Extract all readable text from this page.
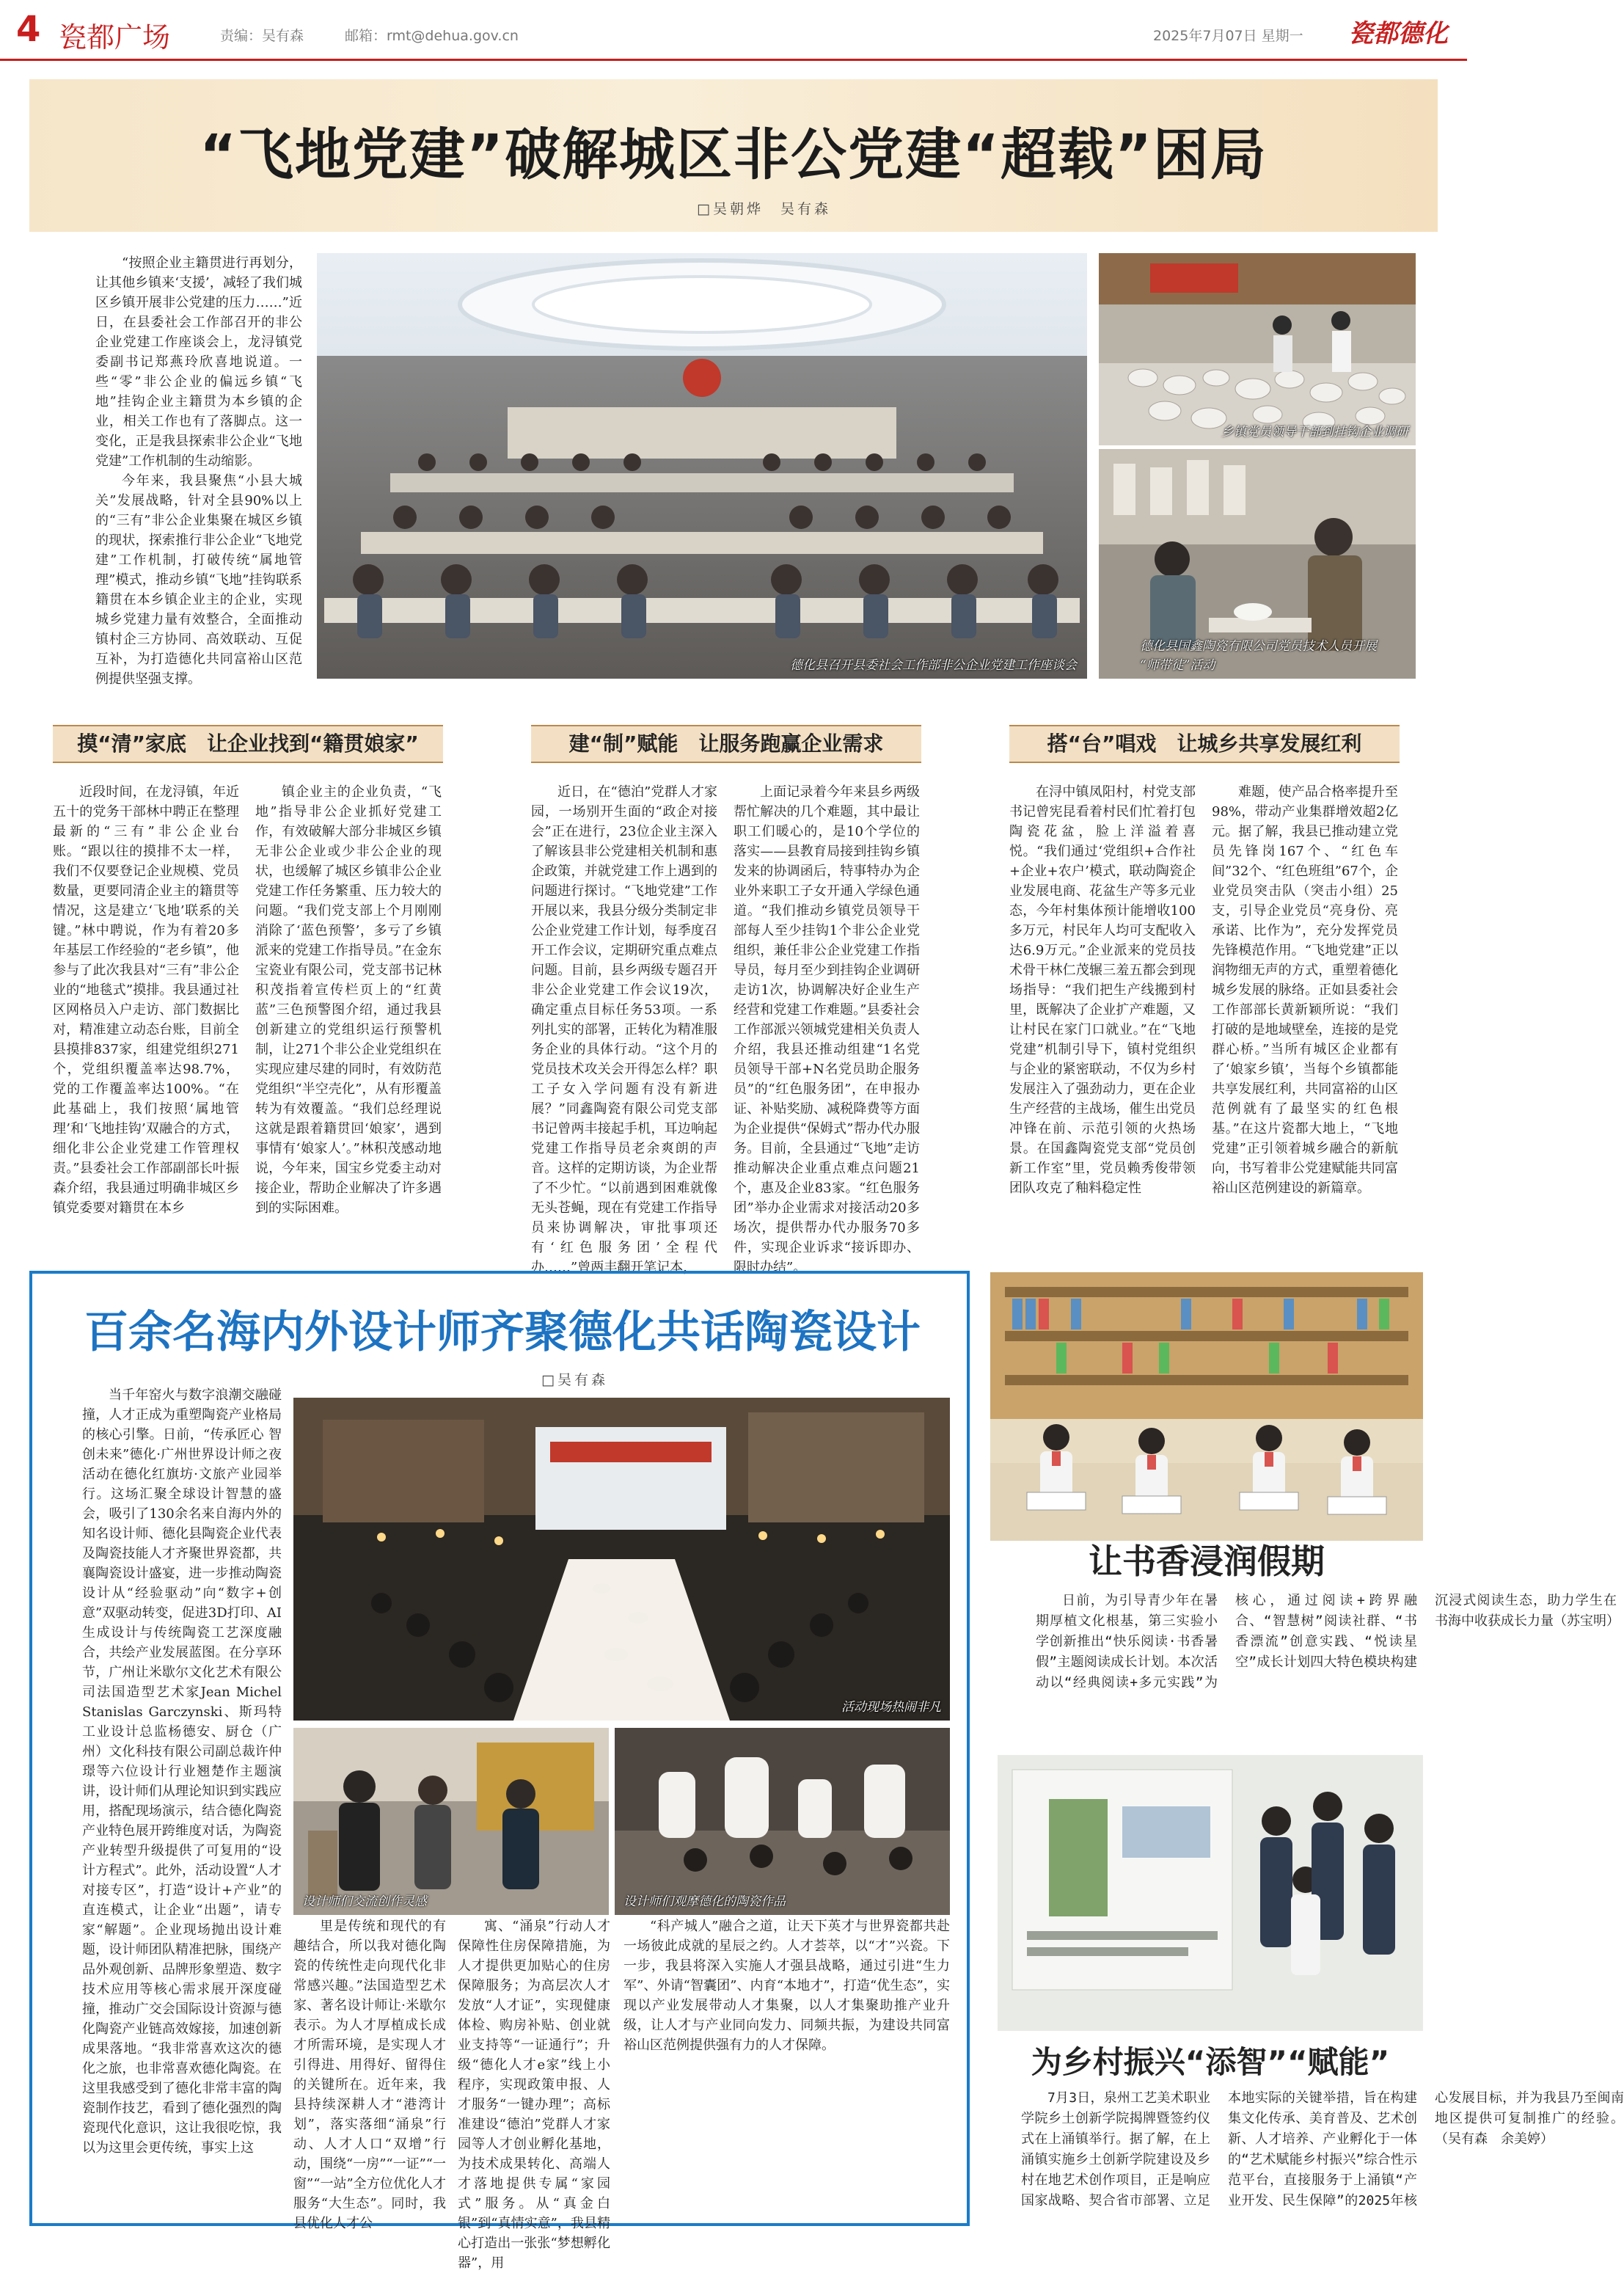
4 瓷都广场	责编：吴有森	邮箱：rmt@dehua.gov.cn	2025年7月07日 星期一 瓷都德化
“飞地党建”破解城区非公党建“超载”困局
□吴朝烨　吴有森

“按照企业主籍贯进行再划分，让其他乡镇来‘支援’，减轻了我们城区乡镇开展非公党建的压力……”近日，在县委社会工作部召开的非公企业党建工作座谈会上，龙浔镇党委副书记郑燕玲欣喜地说道。一些“零”非公企业的偏远乡镇“飞地”挂钩企业主籍贯为本乡镇的企业，相关工作也有了落脚点。这一变化，正是我县探索非公企业“飞地党建”工作机制的生动缩影。

今年来，我县聚焦“小县大城关”发展战略，针对全县90%以上的“三有”非公企业集聚在城区乡镇的现状，探索推行非公企业“飞地党建”工作机制，打破传统“属地管理”模式，推动乡镇“飞地”挂钩联系籍贯在本乡镇企业主的企业，实现城乡党建力量有效整合，全面推动镇村企三方协同、高效联动、互促互补，为打造德化共同富裕山区范例提供坚强支撑。

德化县召开县委社会工作部非公企业党建工作座谈会
乡镇党员领导干部到挂钩企业调研
德化县国鑫陶瓷有限公司党员技术人员开展
“师带徒”活动
摸“清”家底　让企业找到“籍贯娘家”	建“制”赋能　让服务跑赢企业需求	搭“台”唱戏　让城乡共享发展红利
近段时间，在龙浔镇，年近五十的党务干部林中聘正在整理最新的“三有”非公企业台账。“跟以往的摸排不太一样，我们不仅要登记企业规模、党员数量，更要同清企业主的籍贯等情况，这是建立‘飞地’联系的关键。”林中聘说，作为有着20多年基层工作经验的“老乡镇”，他参与了此次我县对“三有”非公企业的“地毯式”摸排。我县通过社区网格员入户走访、部门数据比对，精准建立动态台账，目前全县摸排837家，组建党组织271个，党组织覆盖率达98.7%，党的工作覆盖率达100%。“在此基础上，我们按照‘属地管理’和‘飞地挂钩’双融合的方式，细化非公企业党建工作管理权责。”县委社会工作部副部长叶振森介绍，我县通过明确非城区乡镇党委要对籍贯在本乡
镇企业主的企业负责，“飞地”指导非公企业抓好党建工作，有效破解大部分非城区乡镇无非公企业或少非公企业的现状，也缓解了城区乡镇非公企业党建工作任务繁重、压力较大的问题。“我们党支部上个月刚刚消除了‘蓝色预警’，多亏了乡镇派来的党建工作指导员。”在金东宝瓷业有限公司，党支部书记林积茂指着宣传栏页上的“红黄蓝”三色预警图介绍，通过我县创新建立的党组织运行预警机制，让271个非公企业党组织在实现应建尽建的同时，有效防范党组织“半空壳化”，从有形覆盖转为有效覆盖。“我们总经理说这就是跟着籍贯回‘娘家’，遇到事情有‘娘家人’。”林积茂感动地说，今年来，国宝乡党委主动对接企业，帮助企业解决了许多遇到的实际困难。
近日，在“德泊”党群人才家园，一场别开生面的“政企对接会”正在进行，23位企业主深入了解该县非公党建相关机制和惠企政策，并就党建工作上遇到的问题进行探讨。“飞地党建”工作开展以来，我县分级分类制定非公企业党建工作计划，每季度召开工作会议，定期研究重点难点问题。目前，县乡两级专题召开非公企业党建工作会议19次，确定重点目标任务53项。一系列扎实的部署，正转化为精准服务企业的具体行动。“这个月的党员技术攻关会开得怎么样？职工子女入学问题有没有新进展？”同鑫陶瓷有限公司党支部书记曾两丰接起手机，耳边响起党建工作指导员老余爽朗的声音。这样的定期访谈，为企业帮了不少忙。“以前遇到困难就像无头苍蝇，现在有党建工作指导员来协调解决，审批事项还有‘红色服务团’全程代办……”曾两丰翻开笔记本，
上面记录着今年来县乡两级帮忙解决的几个难题，其中最让职工们暖心的，是10个学位的落实——县教育局接到挂钩乡镇发来的协调函后，特事特办为企业外来职工子女开通入学绿色通道。“我们推动乡镇党员领导干部每人至少挂钩1个非公企业党组织，兼任非公企业党建工作指导员，每月至少到挂钩企业调研走访1次，协调解决好企业生产经营和党建工作难题。”县委社会工作部派兴领城党建相关负责人介绍，我县还推动组建“1名党员领导干部+N名党员助企服务员”的“红色服务团”，在申报办证、补贴奖励、减税降费等方面为企业提供“保姆式”帮办代办服务。目前，全县通过“飞地”走访推动解决企业重点难点问题21个，惠及企业83家。“红色服务团”举办企业需求对接活动20多场次，提供帮办代办服务70多件，实现企业诉求“接诉即办、限时办结”。
在浔中镇凤阳村，村党支部书记曾宪昆看着村民们忙着打包陶瓷花盆，脸上洋溢着喜悦。“我们通过‘党组织+合作社+企业+农户’模式，联动陶瓷企业发展电商、花盆生产等多元业态，今年村集体预计能增收100多万元，村民年人均可支配收入达6.9万元。”企业派来的党员技术骨干林仁茂辗三羞五都会到现场指导：“我们把生产线搬到村里，既解决了企业扩产难题，又让村民在家门口就业。”在“飞地党建”机制引导下，镇村党组织与企业的紧密联动，不仅为乡村发展注入了强劲动力，更在企业生产经营的主战场，催生出党员冲锋在前、示范引领的火热场景。在国鑫陶瓷党支部“党员创新工作室”里，党员赖秀俊带领团队攻克了釉料稳定性
难题，使产品合格率提升至98%，带动产业集群增效超2亿元。据了解，我县已推动建立党员先锋岗167个、“红色车间”32个、“红色班组”67个，企业党员突击队（突击小组）25支，引导企业党员“亮身份、亮承诺、比作为”，充分发挥党员先锋模范作用。“飞地党建”正以润物细无声的方式，重塑着德化城乡发展的脉络。正如县委社会工作部部长黄新颖所说：“我们打破的是地域壁垒，连接的是党群心桥。”当所有城区企业都有了‘娘家乡镇’，当每个乡镇都能共享发展红利，共同富裕的山区范例就有了最坚实的红色根基。”在这片瓷都大地上，“飞地党建”正引领着城乡融合的新航向，书写着非公党建赋能共同富裕山区范例建设的新篇章。
百余名海内外设计师齐聚德化共话陶瓷设计
□吴有森
当千年窑火与数字浪潮交融碰撞，人才正成为重塑陶瓷产业格局的核心引擎。日前，“传承匠心 智创未来”德化·广州世界设计师之夜活动在德化红旗坊·文旅产业园举行。这场汇聚全球设计智慧的盛会，吸引了130余名来自海内外的知名设计师、德化县陶瓷企业代表及陶瓷技能人才齐聚世界瓷都，共襄陶瓷设计盛宴，进一步推动陶瓷设计从“经验驱动”向“数字+创意”双驱动转变，促进3D打印、AI生成设计与传统陶瓷工艺深度融合，共绘产业发展蓝图。在分享环节，广州让米歇尔文化艺术有限公司法国造型艺术家Jean Michel Stanislas Garczynski、斯玛特工业设计总监杨德安、厨仓（广州）文化科技有限公司副总裁许仲璟等六位设计行业翘楚作主题演讲，设计师们从理论知识到实践应用，搭配现场演示，结合德化陶瓷产业特色展开跨维度对话，为陶瓷产业转型升级提供了可复用的“设计方程式”。此外，活动设置“人才对接专区”，打造“设计+产业”的直连模式，让企业“出题”，请专家“解题”。企业现场抛出设计难题，设计师团队精准把脉，围绕产品外观创新、品牌形象塑造、数字技术应用等核心需求展开深度碰撞，推动广交会国际设计资源与德化陶瓷产业链高效嫁接，加速创新成果落地。“我非常喜欢这次的德化之旅，也非常喜欢德化陶瓷。在这里我感受到了德化非常丰富的陶瓷制作技艺，看到了德化强烈的陶瓷现代化意识，这让我很吃惊，我以为这里会更传统，事实上这
活动现场热闹非凡
设计师们交流创作灵感	设计师们观摩德化的陶瓷作品
里是传统和现代的有趣结合，所以我对德化陶瓷的传统性走向现代化非常感兴趣。”法国造型艺术家、著名设计师让·米歇尔表示。为人才厚植成长成才所需环境，是实现人才引得进、用得好、留得住的关键所在。近年来，我县持续深耕人才“港湾计划”，落实落细“涌泉”行动、人才人口“双增”行动，围绕“一房”“一证”“一窗”“一站”全方位优化人才服务“大生态”。同时，我县优化人才公
寓、“涌泉”行动人才保障性住房保障措施，为人才提供更加贴心的住房保障服务；为高层次人才发放“人才证”，实现健康体检、购房补贴、创业就业支持等“一证通行”；升级“德化人才e家”线上小程序，实现政策申报、人才服务“一键办理”；高标准建设“德泊”党群人才家园等人才创业孵化基地，为技术成果转化、高端人才落地提供专属“家园式”服务。从“真金白银”到“真情实意”，我县精心打造出一张张“梦想孵化器”，用
“科产城人”融合之道，让天下英才与世界瓷都共赴一场彼此成就的星辰之约。人才荟萃，以“才”兴瓷。下一步，我县将深入实施人才强县战略，通过引进“生力军”、外请“智囊团”、内育“本地才”，打造“优生态”，实现以产业发展带动人才集聚，以人才集聚助推产业升级，让人才与产业同向发力、同频共振，为建设共同富裕山区范例提供强有力的人才保障。
让书香浸润假期
日前，为引导青少年在暑期厚植文化根基，第三实验小学创新推出“快乐阅读·书香暑假”主题阅读成长计划。本次活动以“经典阅读+多元实践”为核心，通过阅读+跨界融合、“智慧树”阅读社群、“书香漂流”创意实践、“悦读星空”成长计划四大特色模块构建沉浸式阅读生态，助力学生在书海中收获成长力量（苏宝明）
为乡村振兴“添智”“赋能”
7月3日，泉州工艺美术职业学院乡土创新学院揭牌暨签约仪式在上涌镇举行。据了解，在上涌镇实施乡土创新学院建设及乡村在地艺术创作项目，正是响应国家战略、契合省市部署、立足本地实际的关键举措，旨在构建集文化传承、美育普及、艺术创新、人才培养、产业孵化于一体的“艺术赋能乡村振兴”综合性示范平台，直接服务于上涌镇“产业开发、民生保障”的2025年核心发展目标，并为我县乃至闽南地区提供可复制推广的经验。（吴有森　余美婷）
